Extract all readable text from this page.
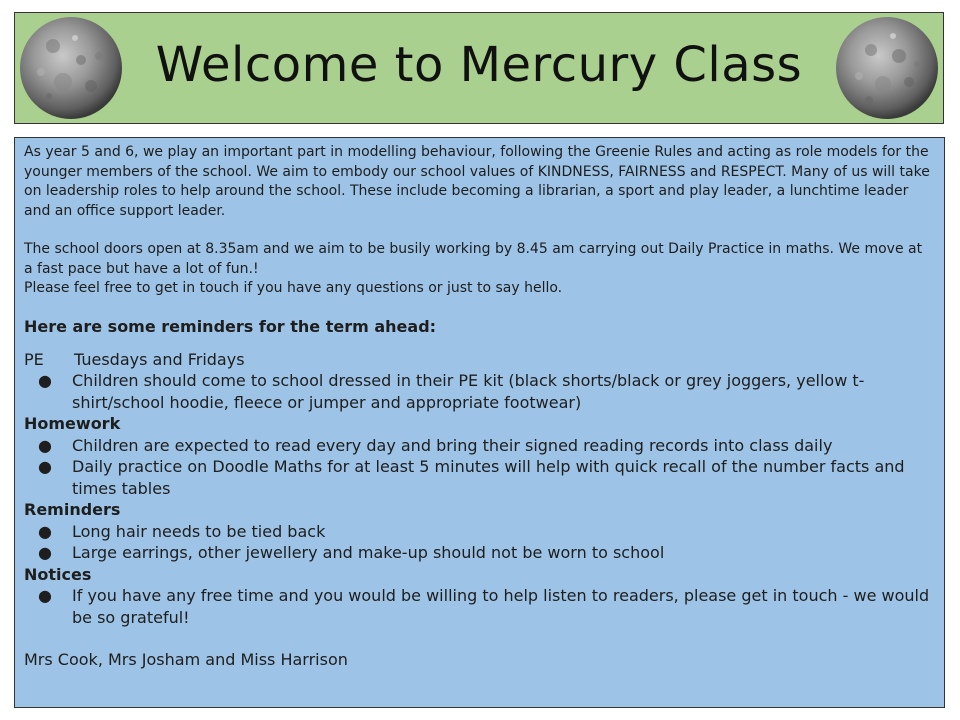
Welcome to Mercury Class

As year 5 and 6, we play an important part in modelling behaviour, following the Greenie Rules and acting as role models for the younger members of the school. We aim to embody our school values of KINDNESS, FAIRNESS and RESPECT. Many of us will take on leadership roles to help around the school. These include becoming a librarian, a sport and play leader, a lunchtime leader and an office support leader.

The school doors open at 8.35am and we aim to be busily working by 8.45 am carrying out Daily Practice in maths. We move at a fast pace but have a lot of fun.!

Please feel free to get in touch if you have any questions or just to say hello.

Here are some reminders for the term ahead:

PE Tuesdays and Fridays

● Children should come to school dressed in their PE kit (black shorts/black or grey joggers, yellow t-shirt/school hoodie, fleece or jumper and appropriate footwear)

Homework

● Children are expected to read every day and bring their signed reading records into class daily
● Daily practice on Doodle Maths for at least 5 minutes will help with quick recall of the number facts and times tables

Reminders

● Long hair needs to be tied back
● Large earrings, other jewellery and make-up should not be worn to school

Notices

● If you have any free time and you would be willing to help listen to readers, please get in touch - we would be so grateful!

Mrs Cook, Mrs Josham and Miss Harrison
